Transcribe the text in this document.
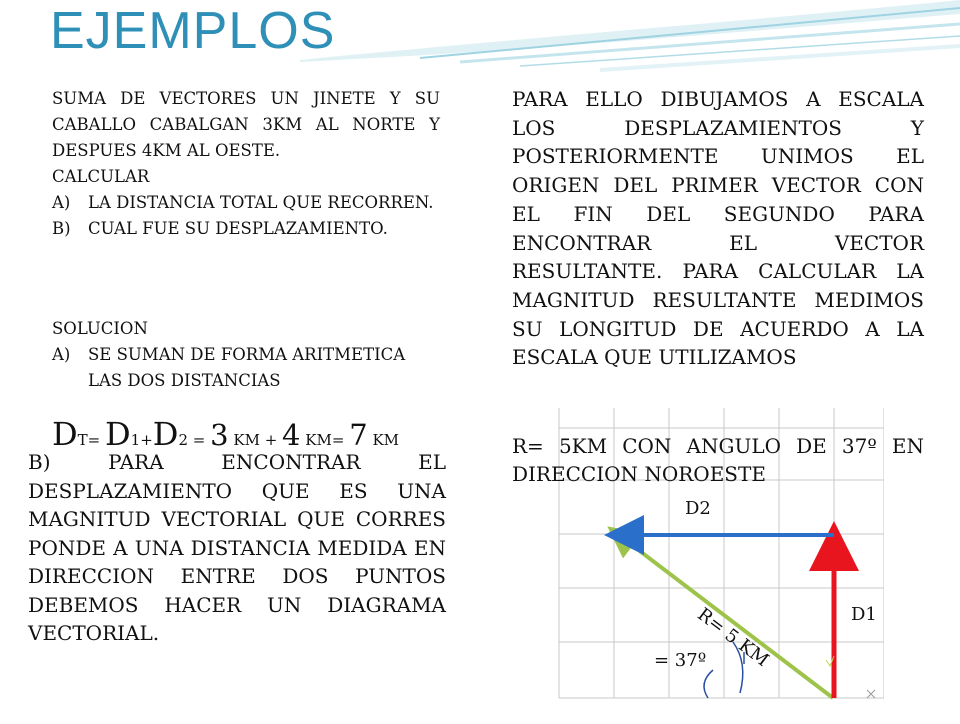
EJEMPLOS

SUMA DE VECTORES UN JINETE Y SU CABALLO CABALGAN 3KM AL NORTE Y DESPUES 4KM AL OESTE.

CALCULAR

A)	LA DISTANCIA TOTAL QUE RECORREN.
B)	CUAL FUE SU DESPLAZAMIENTO.

SOLUCION

A)	SE SUMAN DE FORMA ARITMETICA LAS DOS DISTANCIAS
DT= D1+D2 = 3 KM + 4 KM= 7 KM
B) PARA ENCONTRAR EL DESPLAZAMIENTO QUE ES UNA MAGNITUD VECTORIAL QUE CORRES PONDE A UNA DISTANCIA MEDIDA EN DIRECCION ENTRE DOS PUNTOS DEBEMOS HACER UN DIAGRAMA VECTORIAL.
PARA ELLO DIBUJAMOS A ESCALA LOS DESPLAZAMIENTOS Y POSTERIORMENTE UNIMOS EL ORIGEN DEL PRIMER VECTOR CON EL FIN DEL SEGUNDO PARA ENCONTRAR EL VECTOR RESULTANTE. PARA CALCULAR LA MAGNITUD RESULTANTE MEDIMOS SU LONGITUD DE ACUERDO A LA ESCALA QUE UTILIZAMOS
R= 5KM CON ANGULO DE 37º EN DIRECCION NOROESTE
D2
D1
R= 5 KM
= 37º
